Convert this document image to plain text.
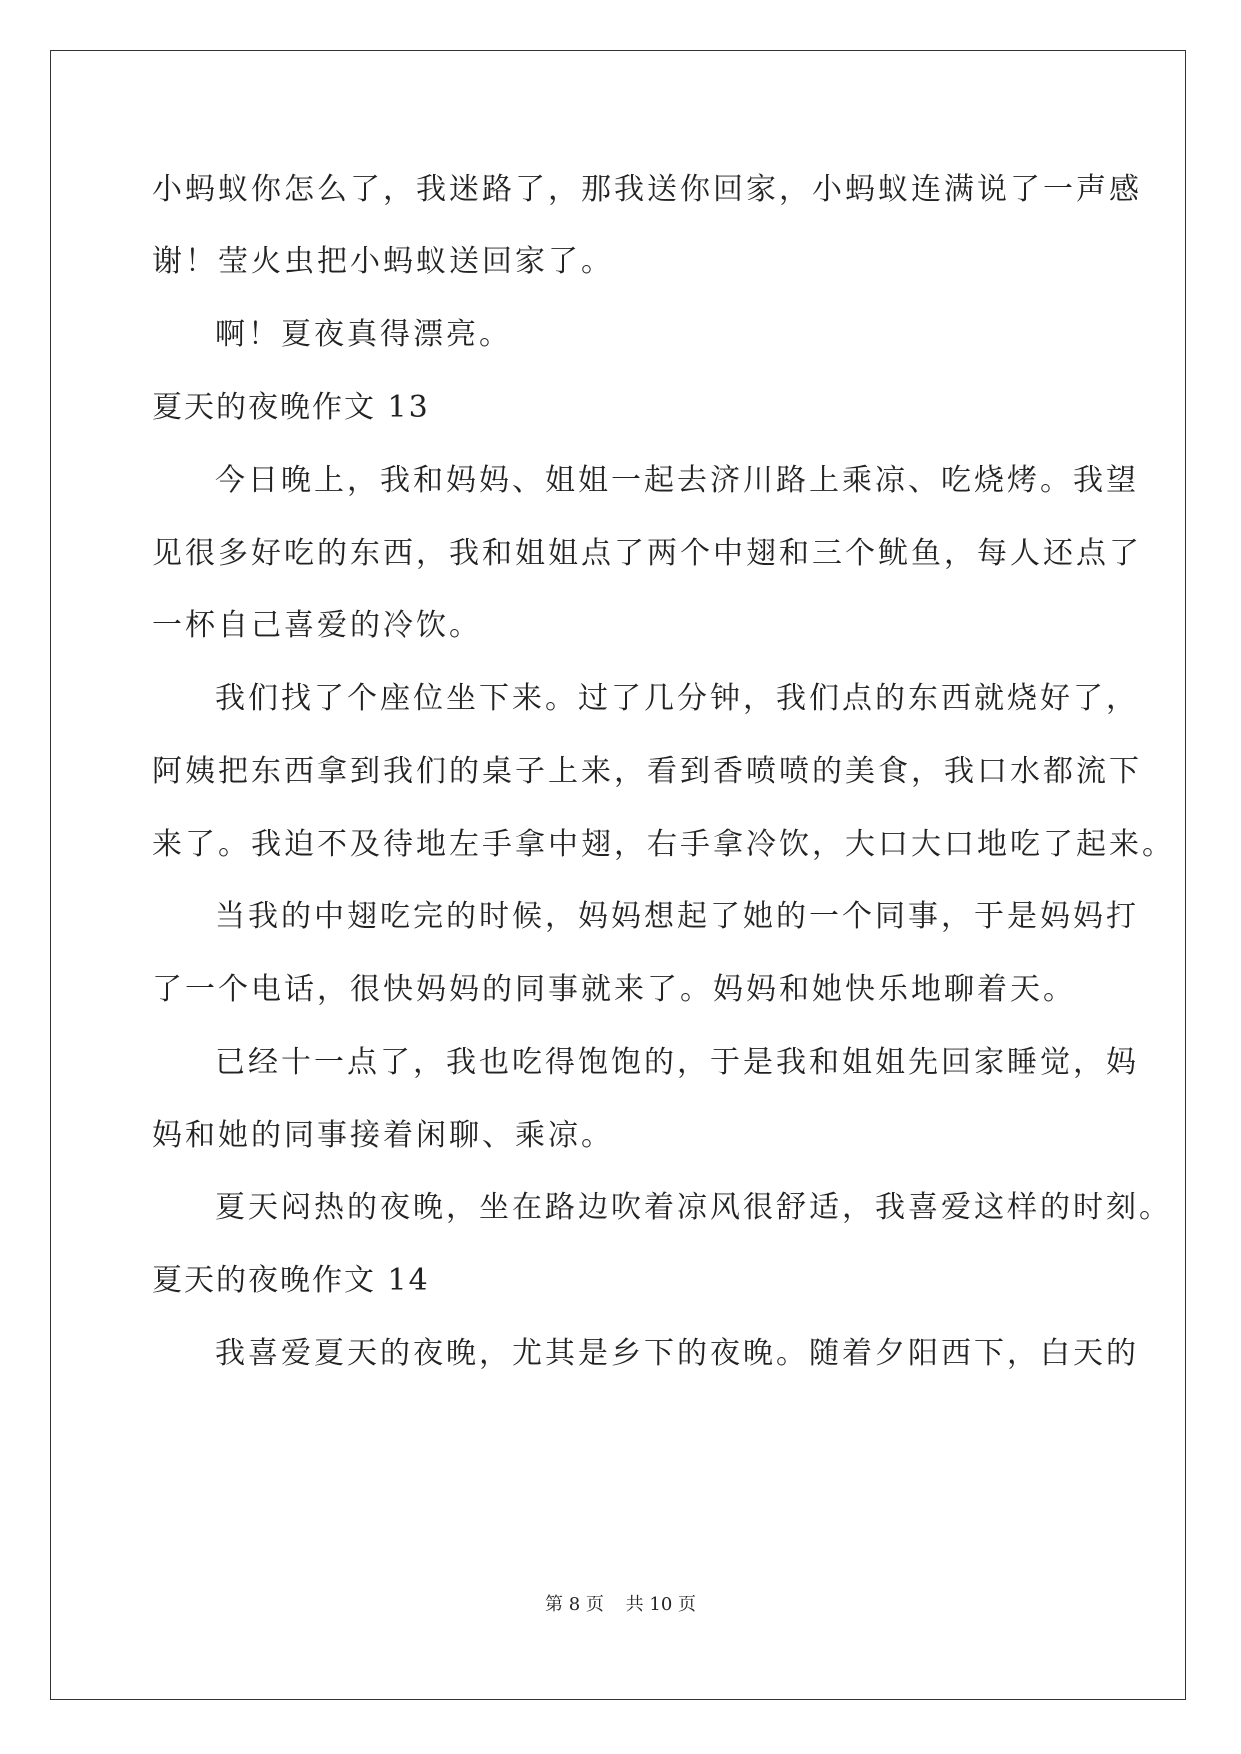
小蚂蚁你怎么了，我迷路了，那我送你回家，小蚂蚁连满说了一声感
谢！莹火虫把小蚂蚁送回家了。
啊！夏夜真得漂亮。
夏天的夜晚作文 13
今日晚上，我和妈妈、姐姐一起去济川路上乘凉、吃烧烤。我望
见很多好吃的东西，我和姐姐点了两个中翅和三个鱿鱼，每人还点了
一杯自己喜爱的冷饮。
我们找了个座位坐下来。过了几分钟，我们点的东西就烧好了，
阿姨把东西拿到我们的桌子上来，看到香喷喷的美食，我口水都流下
来了。我迫不及待地左手拿中翅，右手拿冷饮，大口大口地吃了起来。
当我的中翅吃完的时候，妈妈想起了她的一个同事，于是妈妈打
了一个电话，很快妈妈的同事就来了。妈妈和她快乐地聊着天。
已经十一点了，我也吃得饱饱的，于是我和姐姐先回家睡觉，妈
妈和她的同事接着闲聊、乘凉。
夏天闷热的夜晚，坐在路边吹着凉风很舒适，我喜爱这样的时刻。
夏天的夜晚作文 14
我喜爱夏天的夜晚，尤其是乡下的夜晚。随着夕阳西下，白天的
第 8 页 共 10 页
